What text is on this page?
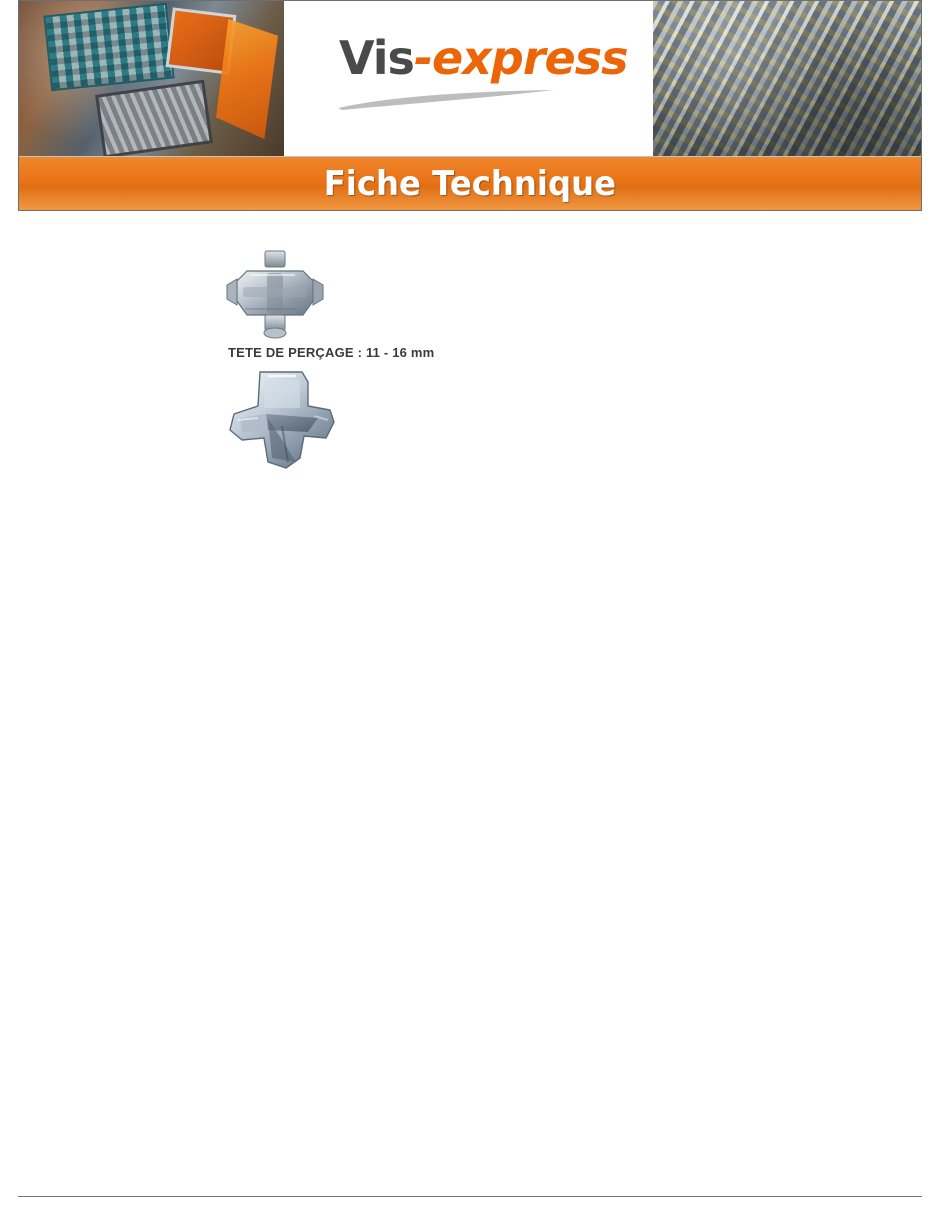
Vis-express
Fiche Technique
TETE DE PERÇAGE : 11 - 16 mm
